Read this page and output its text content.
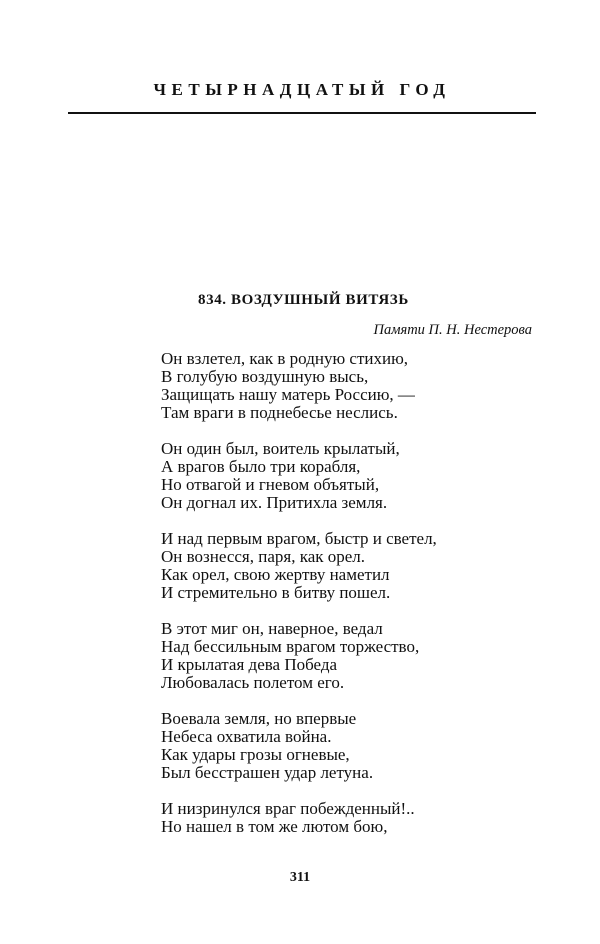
ЧЕТЫРНАДЦАТЫЙ ГОД
834. ВОЗДУШНЫЙ ВИТЯЗЬ
Памяти П. Н. Нестерова
Он взлетел, как в родную стихию,
В голубую воздушную высь,
Защищать нашу матерь Россию, —
Там враги в поднебесье неслись.
Он один был, воитель крылатый,
А врагов было три корабля,
Но отвагой и гневом объятый,
Он догнал их. Притихла земля.
И над первым врагом, быстр и светел,
Он вознесся, паря, как орел.
Как орел, свою жертву наметил
И стремительно в битву пошел.
В этот миг он, наверное, ведал
Над бессильным врагом торжество,
И крылатая дева Победа
Любовалась полетом его.
Воевала земля, но впервые
Небеса охватила война.
Как удары грозы огневые,
Был бесстрашен удар летуна.
И низринулся враг побежденный!..
Но нашел в том же лютом бою,
311
